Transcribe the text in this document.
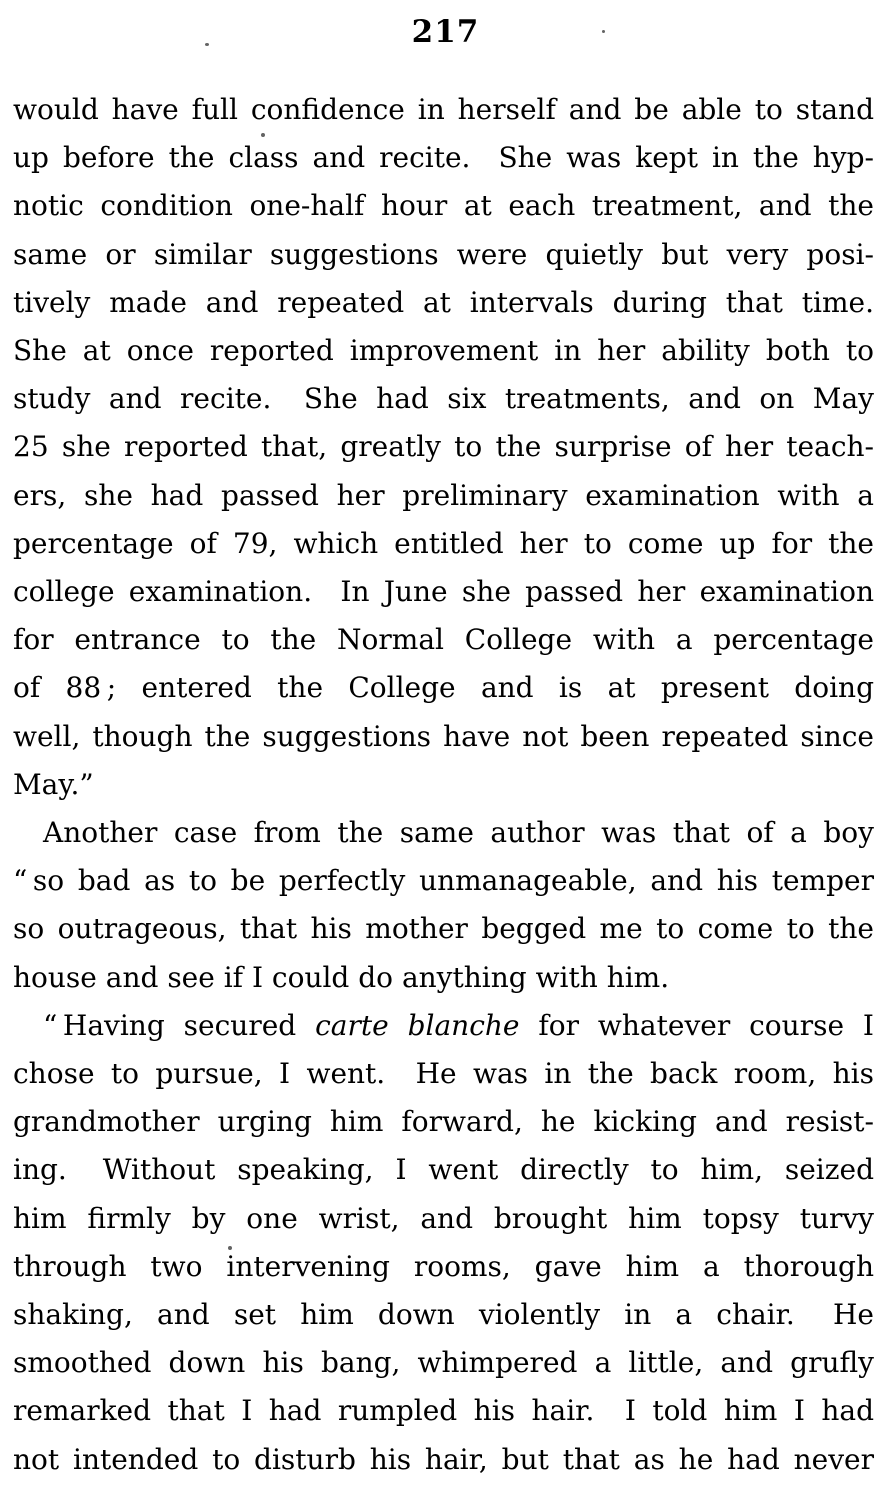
217
would have full confidence in herself and be able to stand
up before the class and recite.  She was kept in the hyp-
notic condition one-half hour at each treatment, and the
same or similar suggestions were quietly but very posi-
tively made and repeated at intervals during that time.
She at once reported improvement in her ability both to
study and recite.  She had six treatments, and on May
25 she reported that, greatly to the surprise of her teach-
ers, she had passed her preliminary examination with a
percentage of 79, which entitled her to come up for the
college examination.  In June she passed her examination
for entrance to the Normal College with a percentage
of 88 ; entered the College and is at present doing
well, though the suggestions have not been repeated since
May.”
Another case from the same author was that of a boy
“ so bad as to be perfectly unmanageable, and his temper
so outrageous, that his mother begged me to come to the
house and see if I could do anything with him.
“ Having secured carte blanche for whatever course I
chose to pursue, I went.  He was in the back room, his
grandmother urging him forward, he kicking and resist-
ing.  Without speaking, I went directly to him, seized
him firmly by one wrist, and brought him topsy turvy
through two intervening rooms, gave him a thorough
shaking, and set him down violently in a chair.  He
smoothed down his bang, whimpered a little, and grufly
remarked that I had rumpled his hair.  I told him I had
not intended to disturb his hair, but that as he had never
